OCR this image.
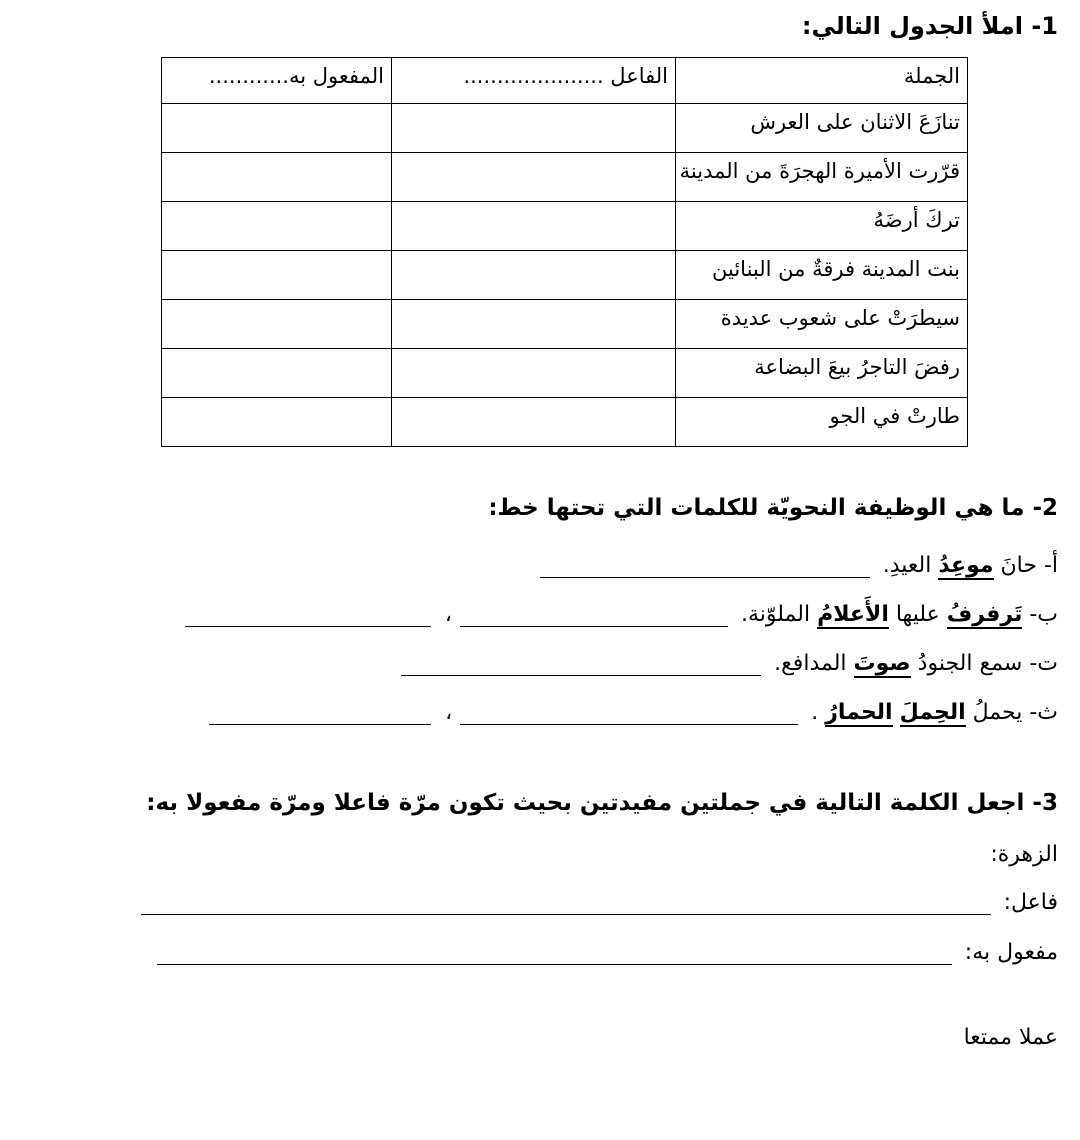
1- املأ الجدول التالي:
الجملة	الفاعل .....................	المفعول به............
تنازَعَ الاثنان على العرش		
قرّرت الأميرة الهجرَةَ من المدينة		
تركَ أرضَهُ		
بنت المدينة فرقةٌ من البنائين		
سيطرَتْ على شعوب عديدة		
رفضَ التاجرُ بيعَ البضاعة		
طارتْ في الجو		
2- ما هي الوظيفة النحويّة للكلمات التي تحتها خط:
أ- حانَ موعِدُ العيدِ.
ب- تَرفرفُ عليها الأَعلامُ الملوّنة. ،
ت- سمع الجنودُ صوتَ المدافع.
ث- يحملُ الحِملَ الحمارُ . ،
3- اجعل الكلمة التالية في جملتين مفيدتين بحيث تكون مرّة فاعلا ومرّة مفعولا به:
الزهرة:
فاعل:
مفعول به:
عملا ممتعا
